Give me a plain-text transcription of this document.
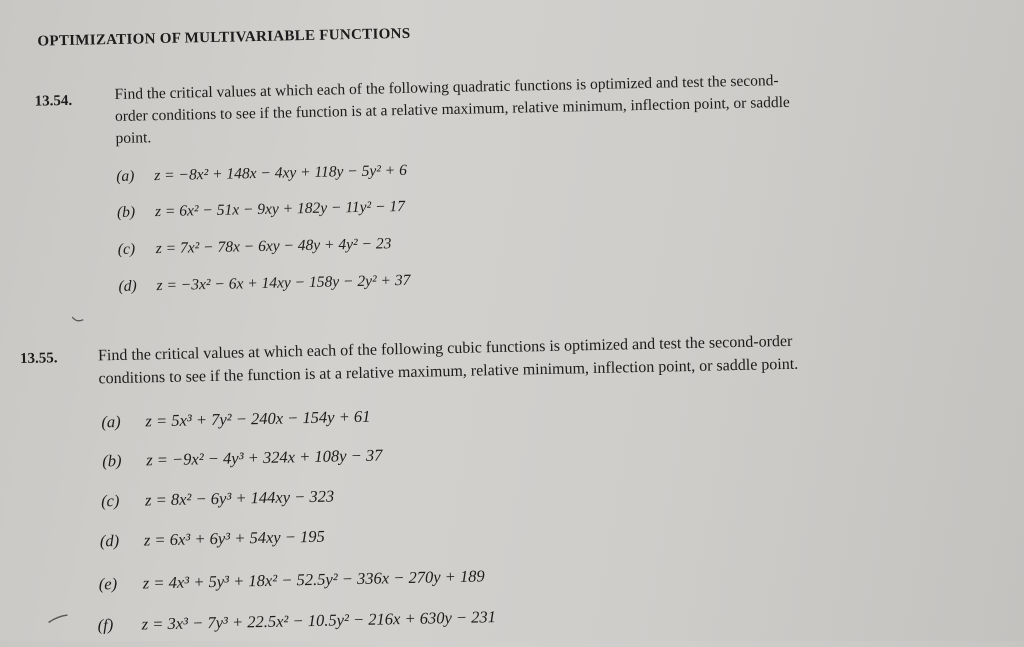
OPTIMIZATION OF MULTIVARIABLE FUNCTIONS
13.54.	Find the critical values at which each of the following quadratic functions is optimized and test the second-
order conditions to see if the function is at a relative maximum, relative minimum, inflection point, or saddle
point.
(a) z = −8x² + 148x − 4xy + 118y − 5y² + 6
(b) z = 6x² − 51x − 9xy + 182y − 11y² − 17
(c) z = 7x² − 78x − 6xy − 48y + 4y² − 23
(d) z = −3x² − 6x + 14xy − 158y − 2y² + 37
13.55.	Find the critical values at which each of the following cubic functions is optimized and test the second-order
conditions to see if the function is at a relative maximum, relative minimum, inflection point, or saddle point.
(a) z = 5x³ + 7y² − 240x − 154y + 61
(b) z = −9x² − 4y³ + 324x + 108y − 37
(c) z = 8x² − 6y³ + 144xy − 323
(d) z = 6x³ + 6y³ + 54xy − 195
(e) z = 4x³ + 5y³ + 18x² − 52.5y² − 336x − 270y + 189
(f) z = 3x³ − 7y³ + 22.5x² − 10.5y² − 216x + 630y − 231
